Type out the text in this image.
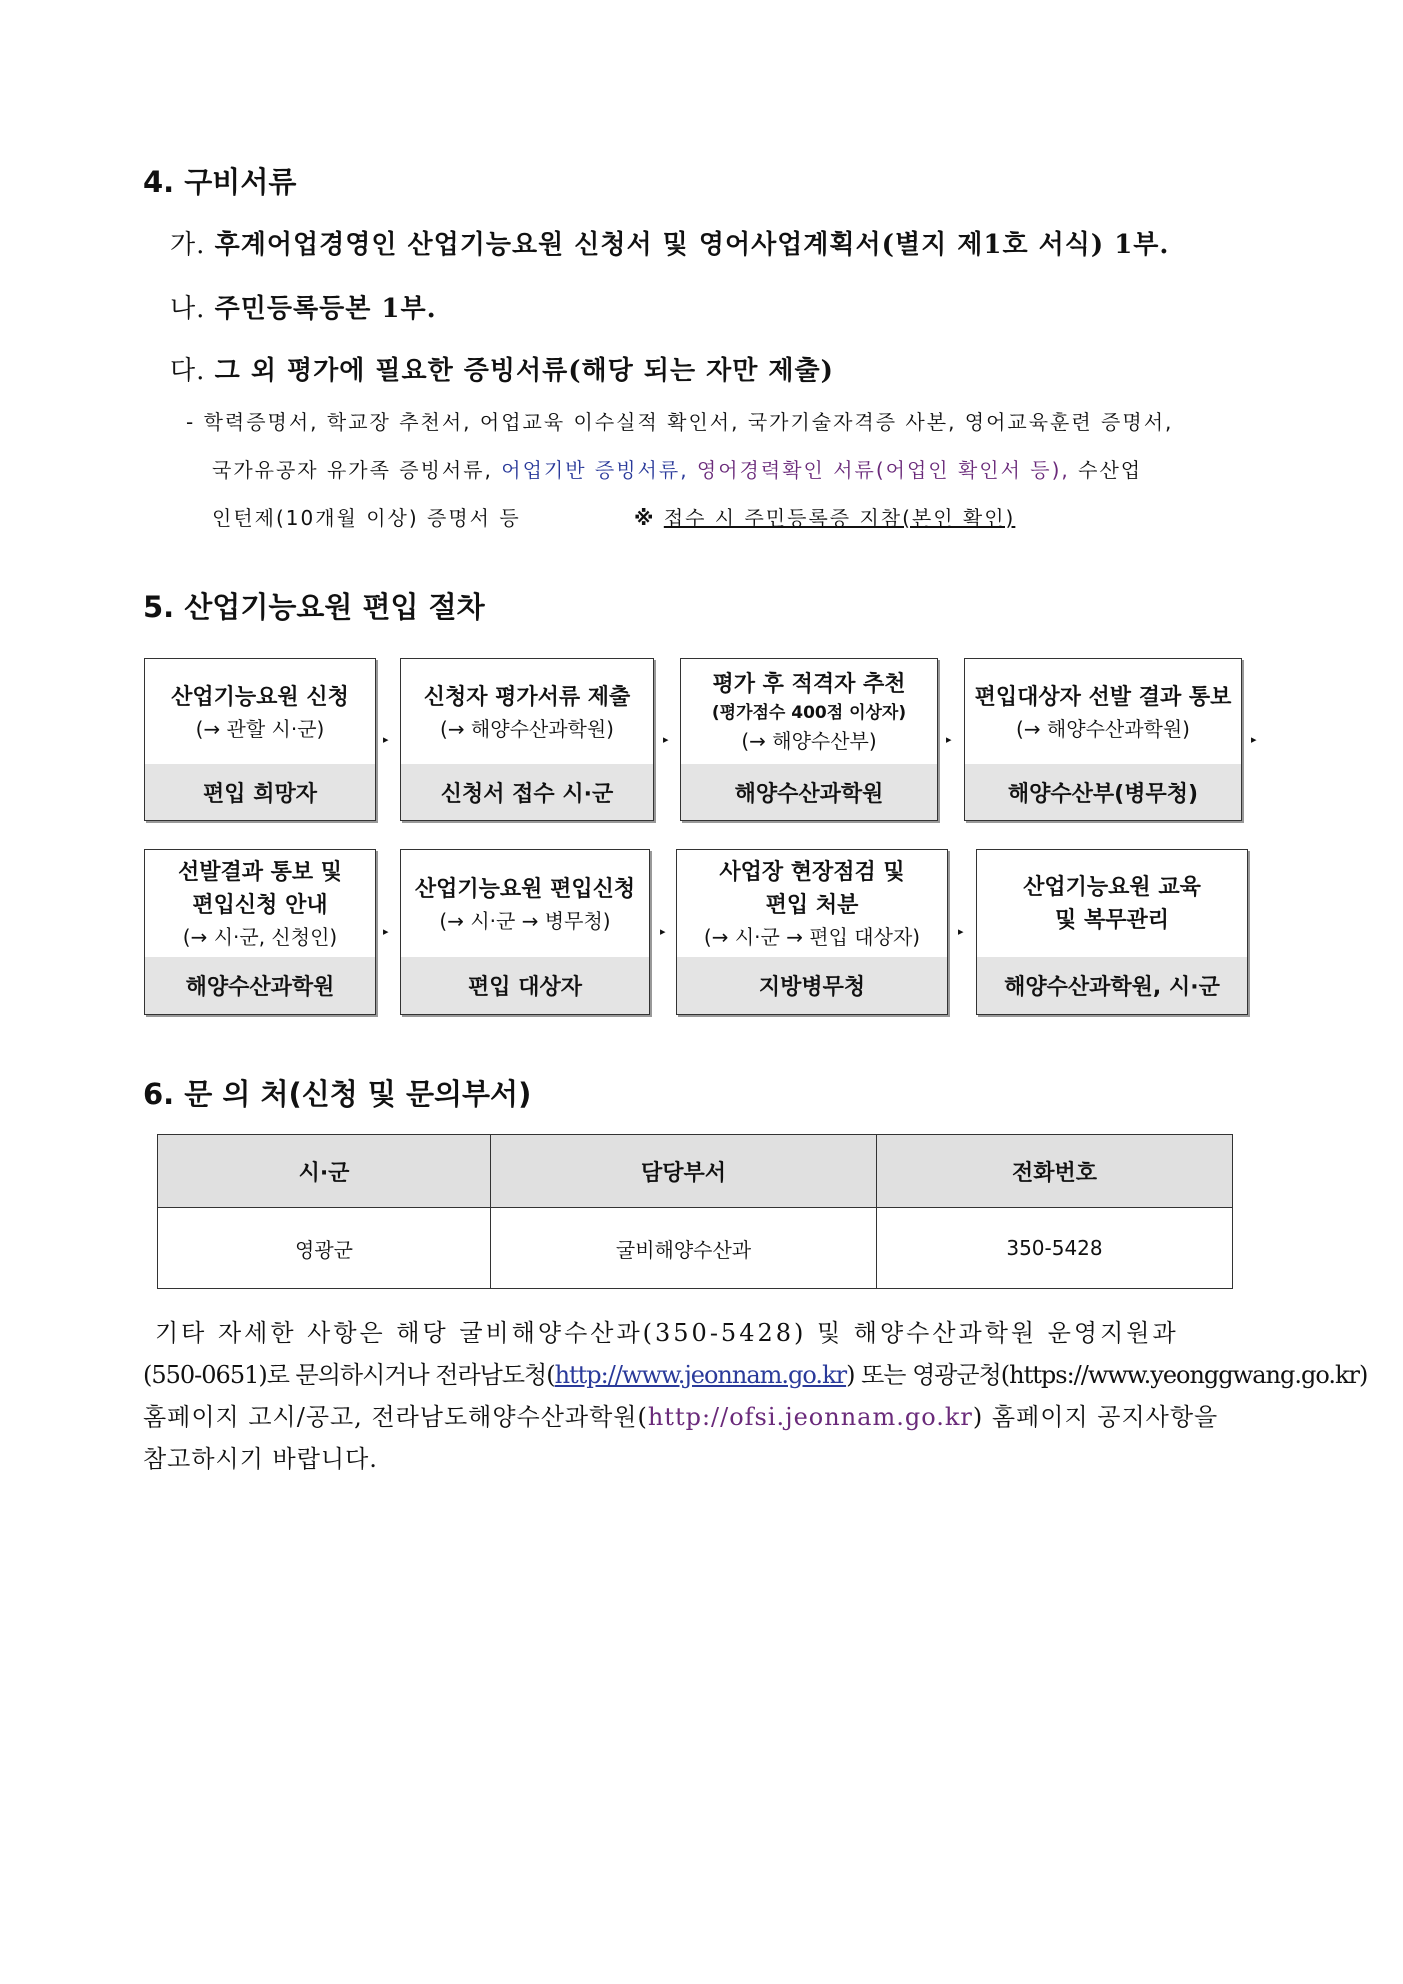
4. 구비서류
가. 후계어업경영인 산업기능요원 신청서 및 영어사업계획서(별지 제1호 서식) 1부.
나. 주민등록등본 1부.
다. 그 외 평가에 필요한 증빙서류(해당 되는 자만 제출)
- 학력증명서, 학교장 추천서, 어업교육 이수실적 확인서, 국가기술자격증 사본, 영어교육훈련 증명서,
국가유공자 유가족 증빙서류, 어업기반 증빙서류, 영어경력확인 서류(어업인 확인서 등), 수산업
인턴제(10개월 이상) 증명서 등	※ 접수 시 주민등록증 지참(본인 확인)
5. 산업기능요원 편입 절차
산업기능요원 신청
(→ 관할 시·군)
편입 희망자
▸
신청자 평가서류 제출
(→ 해양수산과학원)
신청서 접수 시·군
▸
평가 후 적격자 추천
(평가점수 400점 이상자)
(→ 해양수산부)
해양수산과학원
▸
편입대상자 선발 결과 통보
(→ 해양수산과학원)
해양수산부(병무청)
▸
선발결과 통보 및
편입신청 안내
(→ 시·군, 신청인)
해양수산과학원
▸
산업기능요원 편입신청
(→ 시·군 → 병무청)
편입 대상자
▸
사업장 현장점검 및
편입 처분
(→ 시·군 → 편입 대상자)
지방병무청
▸
산업기능요원 교육
및 복무관리
해양수산과학원, 시·군
6. 문 의 처(신청 및 문의부서)
시·군	담당부서	전화번호
영광군	굴비해양수산과	350-5428
기타 자세한 사항은 해당 굴비해양수산과(350-5428) 및 해양수산과학원 운영지원과
(550-0651)로 문의하시거나 전라남도청(http://www.jeonnam.go.kr) 또는 영광군청(https://www.yeonggwang.go.kr)
홈페이지 고시/공고, 전라남도해양수산과학원(http://ofsi.jeonnam.go.kr) 홈페이지 공지사항을
참고하시기 바랍니다.
